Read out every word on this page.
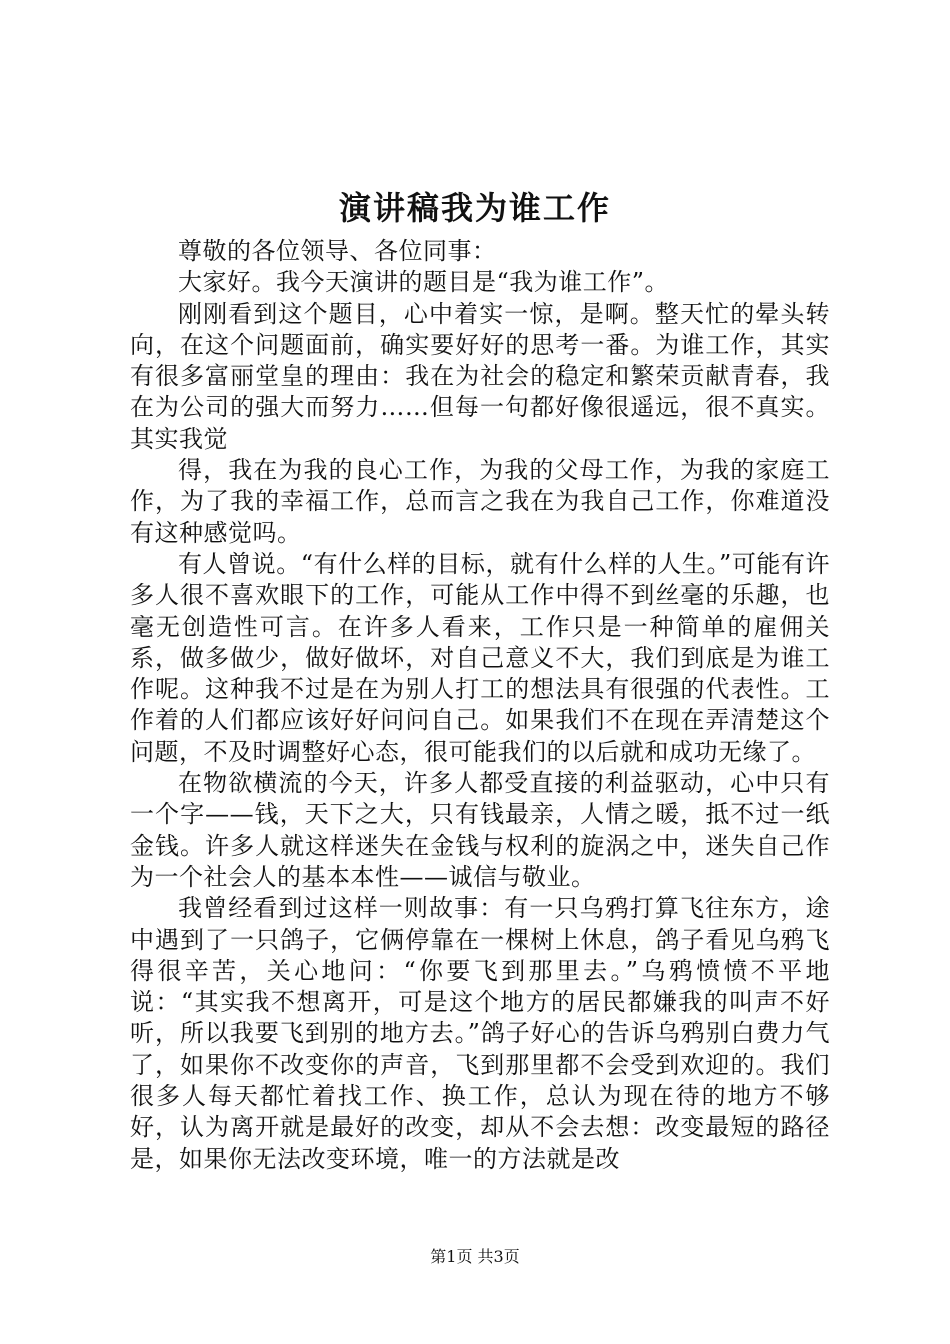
演讲稿我为谁工作

尊敬的各位领导、各位同事：

大家好。我今天演讲的题目是“我为谁工作”。

刚刚看到这个题目，心中着实一惊，是啊。整天忙的晕头转向，在这个问题面前，确实要好好的思考一番。为谁工作，其实有很多富丽堂皇的理由：我在为社会的稳定和繁荣贡献青春，我在为公司的强大而努力……但每一句都好像很遥远，很不真实。其实我觉

得，我在为我的良心工作，为我的父母工作，为我的家庭工作，为了我的幸福工作，总而言之我在为我自己工作，你难道没有这种感觉吗。

有人曾说。“有什么样的目标，就有什么样的人生。”可能有许多人很不喜欢眼下的工作，可能从工作中得不到丝毫的乐趣，也毫无创造性可言。在许多人看来，工作只是一种简单的雇佣关系，做多做少，做好做坏，对自己意义不大，我们到底是为谁工作呢。这种我不过是在为别人打工的想法具有很强的代表性。工作着的人们都应该好好问问自己。如果我们不在现在弄清楚这个问题，不及时调整好心态，很可能我们的以后就和成功无缘了。

在物欲横流的今天，许多人都受直接的利益驱动，心中只有一个字——钱，天下之大，只有钱最亲，人情之暖，抵不过一纸金钱。许多人就这样迷失在金钱与权利的旋涡之中，迷失自己作为一个社会人的基本本性——诚信与敬业。

我曾经看到过这样一则故事：有一只乌鸦打算飞往东方，途中遇到了一只鸽子，它俩停靠在一棵树上休息，鸽子看见乌鸦飞得很辛苦，关心地问：“你要飞到那里去。”乌鸦愤愤不平地说：“其实我不想离开，可是这个地方的居民都嫌我的叫声不好听，所以我要飞到别的地方去。”鸽子好心的告诉乌鸦别白费力气了，如果你不改变你的声音，飞到那里都不会受到欢迎的。我们很多人每天都忙着找工作、换工作，总认为现在待的地方不够好，认为离开就是最好的改变，却从不会去想：改变最短的路径是，如果你无法改变环境，唯一的方法就是改

第1页 共3页
